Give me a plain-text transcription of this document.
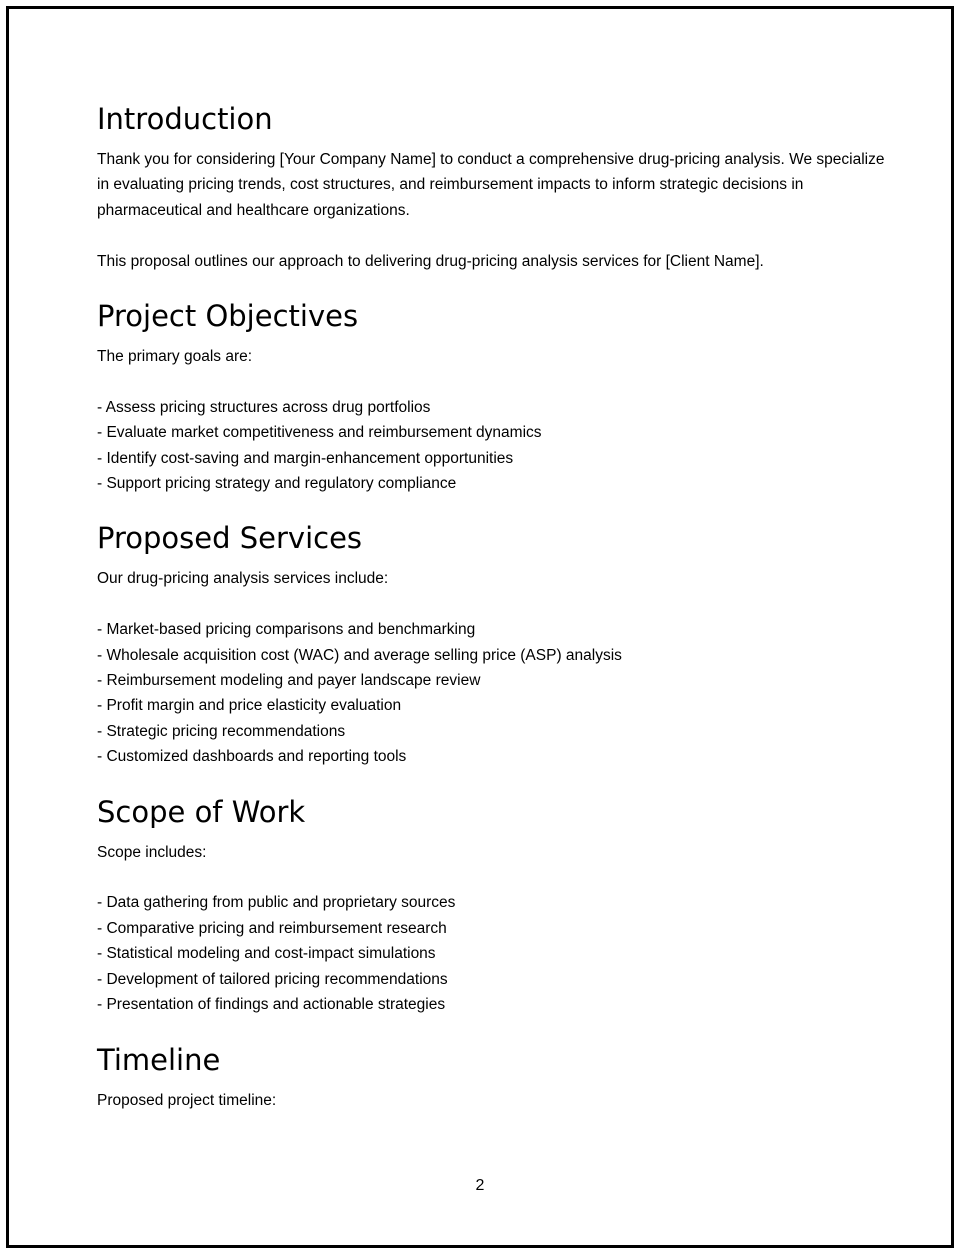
Introduction

Thank you for considering [Your Company Name] to conduct a comprehensive drug-pricing analysis. We specialize in evaluating pricing trends, cost structures, and reimbursement impacts to inform strategic decisions in pharmaceutical and healthcare organizations.

This proposal outlines our approach to delivering drug-pricing analysis services for [Client Name].

Project Objectives

The primary goals are:

- Assess pricing structures across drug portfolios
- Evaluate market competitiveness and reimbursement dynamics
- Identify cost-saving and margin-enhancement opportunities
- Support pricing strategy and regulatory compliance
Proposed Services

Our drug-pricing analysis services include:

- Market-based pricing comparisons and benchmarking
- Wholesale acquisition cost (WAC) and average selling price (ASP) analysis
- Reimbursement modeling and payer landscape review
- Profit margin and price elasticity evaluation
- Strategic pricing recommendations
- Customized dashboards and reporting tools
Scope of Work

Scope includes:

- Data gathering from public and proprietary sources
- Comparative pricing and reimbursement research
- Statistical modeling and cost-impact simulations
- Development of tailored pricing recommendations
- Presentation of findings and actionable strategies
Timeline

Proposed project timeline:

2
